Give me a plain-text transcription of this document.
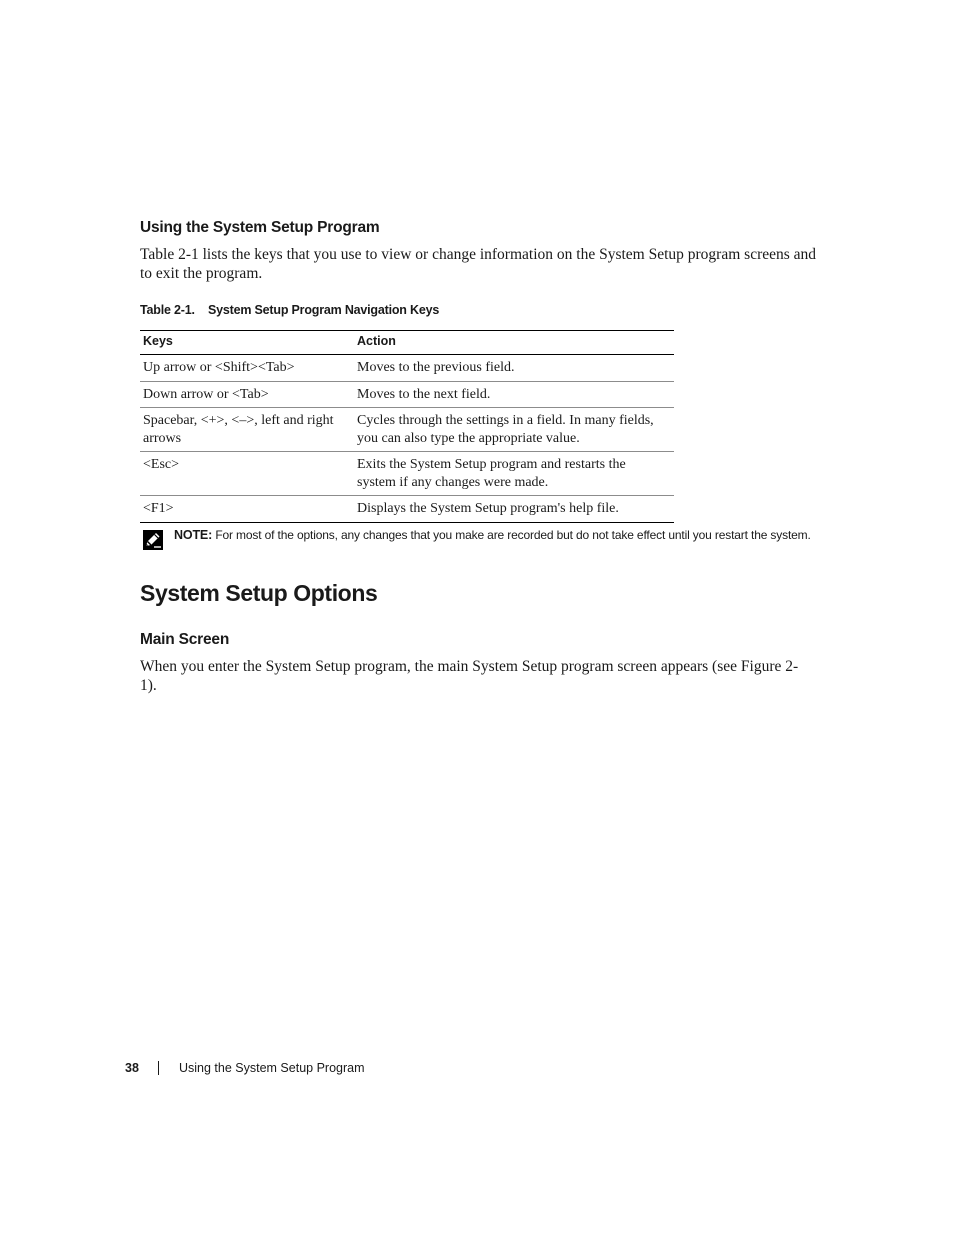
Using the System Setup Program
Table 2-1 lists the keys that you use to view or change information on the System Setup program screens and to exit the program.
Table 2-1. System Setup Program Navigation Keys
Keys	Action
Up arrow or <Shift><Tab>	Moves to the previous field.
Down arrow or <Tab>	Moves to the next field.
Spacebar, <+>, <–>, left and right arrows	Cycles through the settings in a field. In many fields, you can also type the appropriate value.
<Esc>	Exits the System Setup program and restarts the system if any changes were made.
<F1>	Displays the System Setup program's help file.
NOTE: For most of the options, any changes that you make are recorded but do not take effect until you restart the system.
System Setup Options
Main Screen
When you enter the System Setup program, the main System Setup program screen appears (see Figure 2-1).
38	Using the System Setup Program
